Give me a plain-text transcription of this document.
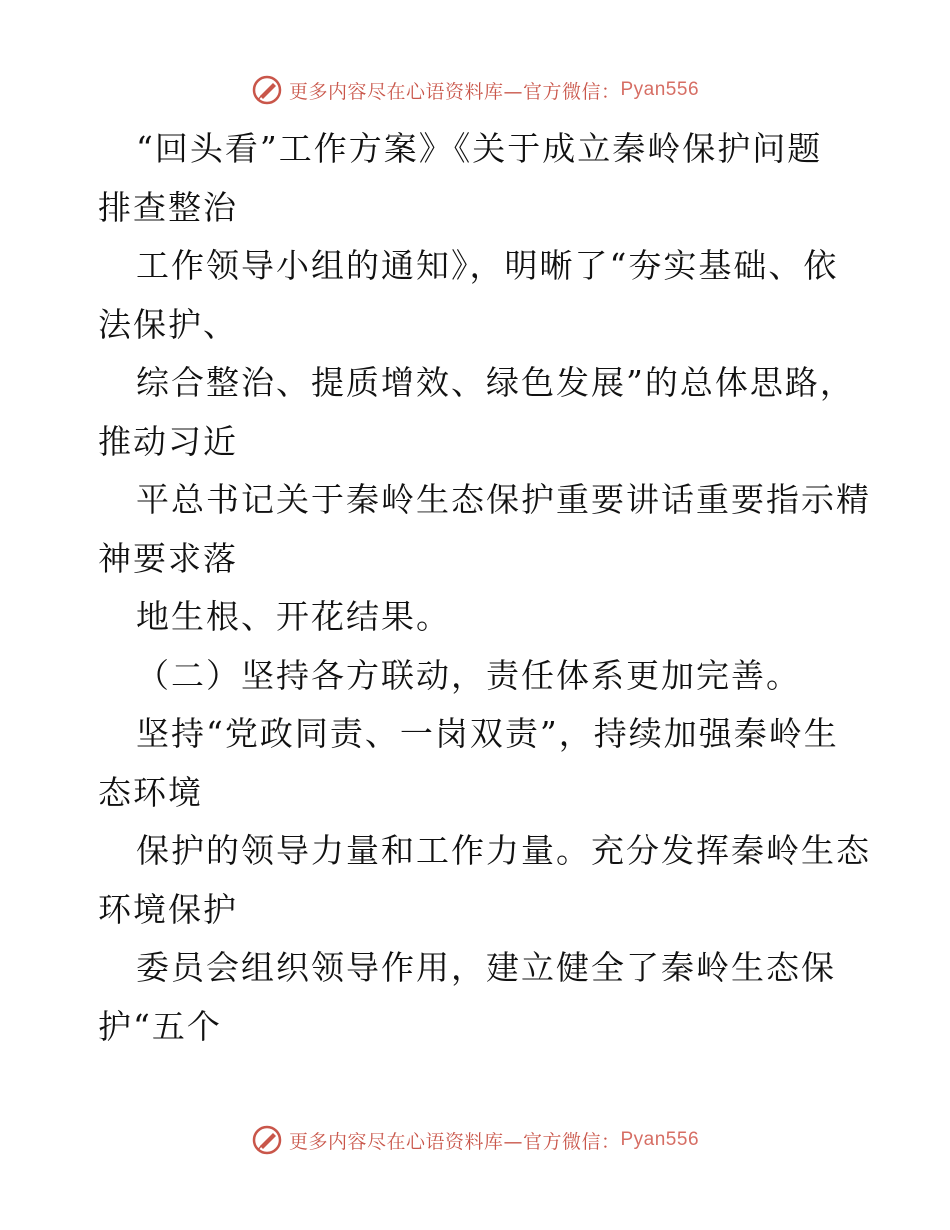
更多内容尽在心语资料库—官方微信： Pyan556
“回头看”工作方案》《关于成立秦岭保护问题
排查整治
工作领导小组的通知》，明晰了“夯实基础、依
法保护、
综合整治、提质增效、绿色发展”的总体思路，
推动习近
平总书记关于秦岭生态保护重要讲话重要指示精
神要求落
地生根、开花结果。
（二）坚持各方联动，责任体系更加完善。
坚持“党政同责、一岗双责”，持续加强秦岭生
态环境
保护的领导力量和工作力量。充分发挥秦岭生态
环境保护
委员会组织领导作用，建立健全了秦岭生态保
护“五个
更多内容尽在心语资料库—官方微信： Pyan556
